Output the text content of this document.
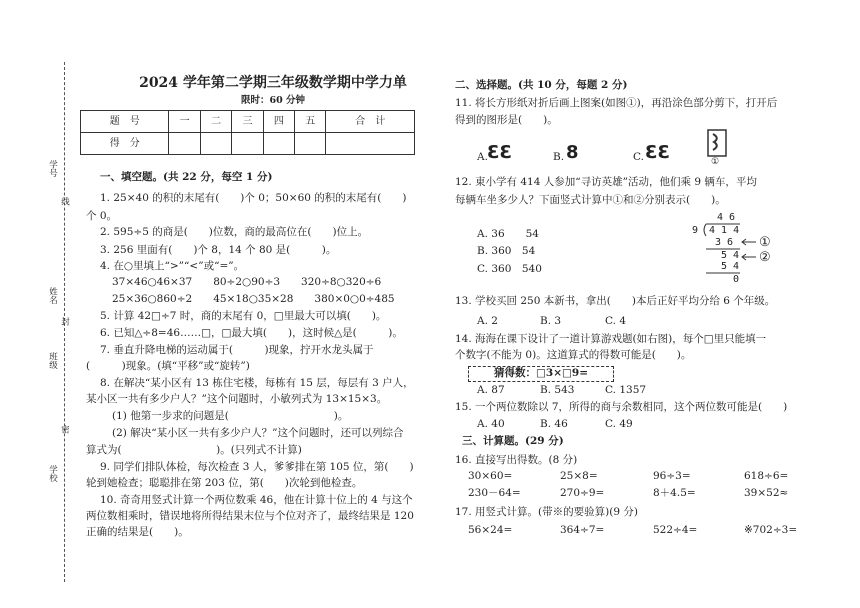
学号
线
姓名
封
班级
密
学校
2024 学年第二学期三年级数学期中学力单
限时：60 分钟
题　号	一	二	三	四	五	合　计
得　分						
一、填空题。(共 22 分，每空 1 分)
1. 25×40 的积的末尾有(　　)个 0；50×60 的积的末尾有(　　)
个 0。
2. 595÷5 的商是(　　)位数，商的最高位在(　　)位上。
3. 256 里面有(　　)个 8，14 个 80 是(　　　)。
4. 在○里填上“>”“<”或“=”。
37×46○46×37　　80÷2○90÷3　　320÷8○320÷6
25×36○860÷2　　45×18○35×28　　380×0○0÷485
5. 计算 42□÷7 时，商的末尾有 0，□里最大可以填(　　)。
6. 已知△÷8=46……□，□最大填(　　)，这时候△是(　　　)。
7. 垂直升降电梯的运动属于(　　　)现象，拧开水龙头属于
(　　　)现象。(填“平移”或“旋转”)
8. 在解决“某小区有 13 栋住宅楼，每栋有 15 层，每层有 3 户人，
某小区一共有多少户人？”这个问题时，小敏列式为 13×15×3。
(1) 他第一步求的问题是(　　　　　　　　　　)。
(2) 解决“某小区一共有多少户人？”这个问题时，还可以列综合
算式为(　　　　　　　　　)。(只列式不计算)
9. 同学们排队体检，每次检查 3 人，爹爹排在第 105 位，第(　　)
轮到她检查；聪聪排在第 203 位，第(　　)次轮到他检查。
10. 奇奇用竖式计算一个两位数乘 46，他在计算十位上的 4 与这个
两位数相乘时，错误地将所得结果末位与个位对齐了，最终结果是 120
正确的结果是(　　)。
二、选择题。(共 10 分，每题 2 分)
11. 将长方形纸对折后画上图案(如图①)，再沿涂色部分剪下，打开后
得到的图形是(　　)。
A. ƐƐ	B. 8	C. ƐƐ	①
12. 東小学有 414 人参加“寻访英雄”活动，他们乘 9 辆车，平均
每辆车坐多少人？下面竖式计算中①和②分别表示(　　)。
A. 36　　54
B. 360　54
C. 360　540
4 6
9 4 1 4
3 6
5 4
5 4
0
①
②
13. 学校买回 250 本新书，拿出(　　)本后正好平均分给 6 个年级。
A. 2	B. 3	C. 4
14. 海海在课下设计了一道计算游戏题(如右图)，每个□里只能填一
个数字(不能为 0)。这道算式的得数可能是(　　)。
猜得数：□3×□9=
A. 87	B. 543	C. 1357
15. 一个两位数除以 7，所得的商与余数相同，这个两位数可能是(　　)
A. 40	B. 46	C. 49
三、计算题。(29 分)
16. 直接写出得数。(8 分)
30×60=	25×8=	96÷3=	618÷6=
230－64=	270÷9=	8＋4.5=	39×52≈
17. 用竖式计算。(带※的要验算)(9 分)
56×24=	364÷7=	522÷4=	※702÷3=
